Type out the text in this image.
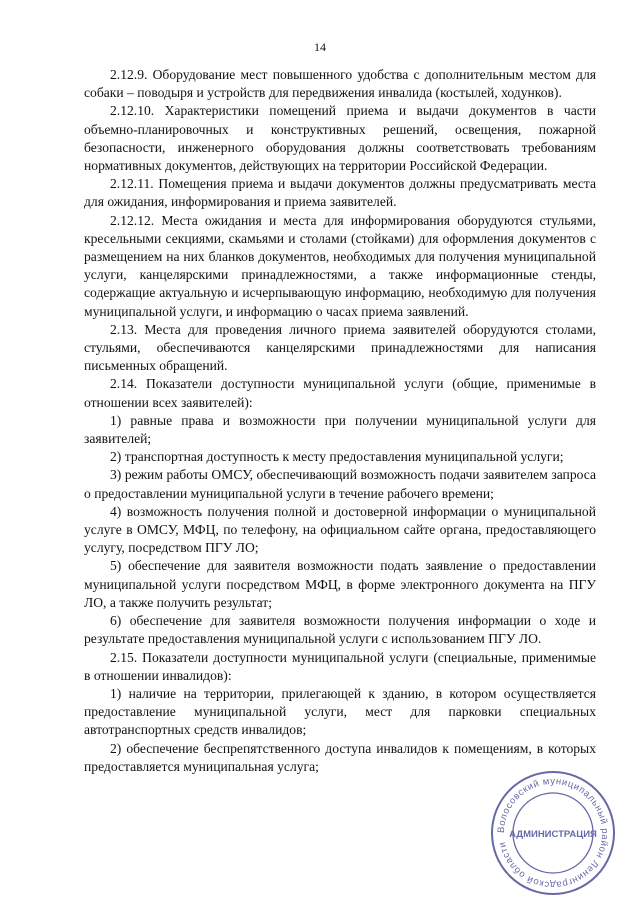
14

2.12.9. Оборудование мест повышенного удобства с дополнительным местом для собаки – поводыря и устройств для передвижения инвалида (костылей, ходунков).

2.12.10. Характеристики помещений приема и выдачи документов в части объемно-планировочных и конструктивных решений, освещения, пожарной безопасности, инженерного оборудования должны соответствовать требованиям нормативных документов, действующих на территории Российской Федерации.

2.12.11. Помещения приема и выдачи документов должны предусматривать места для ожидания, информирования и приема заявителей.

2.12.12. Места ожидания и места для информирования оборудуются стульями, кресельными секциями, скамьями и столами (стойками) для оформления документов с размещением на них бланков документов, необходимых для получения муниципальной услуги, канцелярскими принадлежностями, а также информационные стенды, содержащие актуальную и исчерпывающую информацию, необходимую для получения муниципальной услуги, и информацию о часах приема заявлений.

2.13. Места для проведения личного приема заявителей оборудуются столами, стульями, обеспечиваются канцелярскими принадлежностями для написания письменных обращений.

2.14. Показатели доступности муниципальной услуги (общие, применимые в отношении всех заявителей):

1) равные права и возможности при получении муниципальной услуги для заявителей;

2) транспортная доступность к месту предоставления муниципальной услуги;

3) режим работы ОМСУ, обеспечивающий возможность подачи заявителем запроса о предоставлении муниципальной услуги в течение рабочего времени;

4) возможность получения полной и достоверной информации о муниципальной услуге в ОМСУ, МФЦ, по телефону, на официальном сайте органа, предоставляющего услугу, посредством ПГУ ЛО;

5) обеспечение для заявителя возможности подать заявление о предоставлении муниципальной услуги посредством МФЦ, в форме электронного документа на ПГУ ЛО, а также получить результат;

6) обеспечение для заявителя возможности получения информации о ходе и результате предоставления муниципальной услуги с использованием ПГУ ЛО.

2.15. Показатели доступности муниципальной услуги (специальные, применимые в отношении инвалидов):

1) наличие на территории, прилегающей к зданию, в котором осуществляется предоставление муниципальной услуги, мест для парковки специальных автотранспортных средств инвалидов;

2) обеспечение беспрепятственного доступа инвалидов к помещениям, в которых предоставляется муниципальная услуга;

Волосовский муниципальный район Ленинградской области
АДМИНИСТРАЦИЯ
